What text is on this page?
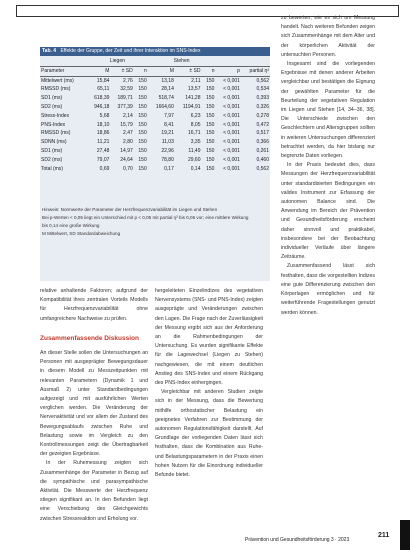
Tab. 4 Effekte der Gruppe, der Zeit und ihrer Interaktion im SNS-Index
	Liegen			Stehen				
Parameter	M	± SD	n	M	± SD	n	p	partial η²
Mittelwert (ms)	15,84	2,76	150	13,18	2,11	150	< 0,001	0,562
RMSSD (ms)	65,11	32,59	150	28,14	13,57	150	< 0,001	0,534
SD1 (ms)	618,39	189,71	150	518,74	141,28	150	< 0,001	0,393
SD2 (ms)	946,18	377,39	150	1664,60	1194,91	150	< 0,001	0,326
Stress-Index	5,68	2,14	150	7,97	6,23	150	< 0,001	0,278
PNS-Index	18,10	15,79	150	8,41	8,05	150	< 0,001	0,472
RMSSD (ms)	18,86	2,47	150	19,21	16,71	150	< 0,001	0,517
SDNN (ms)	11,21	2,80	150	11,03	3,35	150	< 0,001	0,366
SD1 (ms)	27,48	14,97	150	22,96	11,49	150	< 0,001	0,261
SD2 (ms)	79,07	24,64	150	78,80	29,60	150	< 0,001	0,460
Total (ms)	0,69	0,70	150	0,17	0,14	150	< 0,001	0,562
Hinweis: Normwerte der Parameter der Herzfrequenzvariabilität im Liegen und Stehen
Bei p-Werten < 0,05 liegt ein Unterschied mit p < 0,05 mit partial η² bis 0,06 vor; eine mittlere Wirkung
bis 0,14 eine große Wirkung
M Mittelwert, SD Standardabweichung

relative anhaltende Faktoren; aufgrund der Kompatibilität ihres zentralen Vorteils Modells für Herzfrequenzvariabilität ohne umfangreichere Nachweise zu prüfen.

Zusammenfassende Diskussion

An dieser Stelle sollen die Untersuchungen an Personen mit ausgeprägter Bewegungsdauer in diesem Modell zu Messzeitpunkten mit relevanten Parametern (Dynamik 1 und Ausmaß 2) unter Standardbedingungen aufgezeigt und mit ausführlichen Werten verglichen werden. Die Veränderung der Nervenaktivität und vor allem der Zustand des Bewegungsablaufs zwischen Ruhe und Belastung sowie im Vergleich zu den Kontrollmessungen zeigt die Übertragbarkeit der gezeigten Ergebnisse.

In der Ruhemessung zeigten sich Zusammenhänge der Parameter in Bezug auf die sympathische und parasympathische Aktivität. Die Messwerte der Herzfrequenz stiegen signifikant an. In den Befunden liegt eine Verschiebung des Gleichgewichts zwischen Stressreaktion und Erholung vor.

hergeleiteten Einzelindizes des vegetativen Nervensystems (SNS- und PNS-Index) zeigten ausgeprägte und Veränderungen zwischen den Lagen. Die Frage nach der Zuverlässigkeit der Messung ergibt sich aus der Anforderung an die Rahmenbedingungen der Untersuchung. Es wurden signifikante Effekte für die Lagewechsel (Liegen zu Stehen) nachgewiesen, die mit einem deutlichen Anstieg des SNS-Index und einem Rückgang des PNS-Index einhergingen.

Vergleichbar mit anderen Studien zeigte sich in der Messung, dass die Bewertung mithilfe orthostatischer Belastung ein geeignetes Verfahren zur Bestimmung der autonomen Regulationsfähigkeit darstellt. Auf Grundlage der vorliegenden Daten lässt sich festhalten, dass die Kombination aus Ruhe- und Belastungsparametern in der Praxis einen hohen Nutzen für die Einordnung individueller Befunde bietet.

zu bewerten, wie es sich um Messung handelt. Nach weiteren Befunden zeigen sich Zusammenhänge mit dem Alter und der körperlichen Aktivität der untersuchten Personen.

Insgesamt sind die vorliegenden Ergebnisse mit denen anderer Arbeiten vergleichbar und bestätigen die Eignung der gewählten Parameter für die Beurteilung der vegetativen Regulation im Liegen und Stehen [14, 34–36, 38]. Die Unterschiede zwischen den Geschlechtern und Altersgruppen sollten in weiteren Untersuchungen differenziert betrachtet werden, da hier bislang nur begrenzte Daten vorliegen.

In der Praxis bedeutet dies, dass Messungen der Herzfrequenzvariabilität unter standardisierten Bedingungen ein valides Instrument zur Erfassung der autonomen Balance sind. Die Anwendung im Bereich der Prävention und Gesundheitsförderung erscheint daher sinnvoll und praktikabel, insbesondere bei der Beobachtung individueller Verläufe über längere Zeiträume.

Zusammenfassend lässt sich festhalten, dass die vorgestellten Indizes eine gute Differenzierung zwischen den Körperlagen ermöglichen und für weiterführende Fragestellungen genutzt werden können.

Prävention und Gesundheitsförderung 3 · 2023
211
